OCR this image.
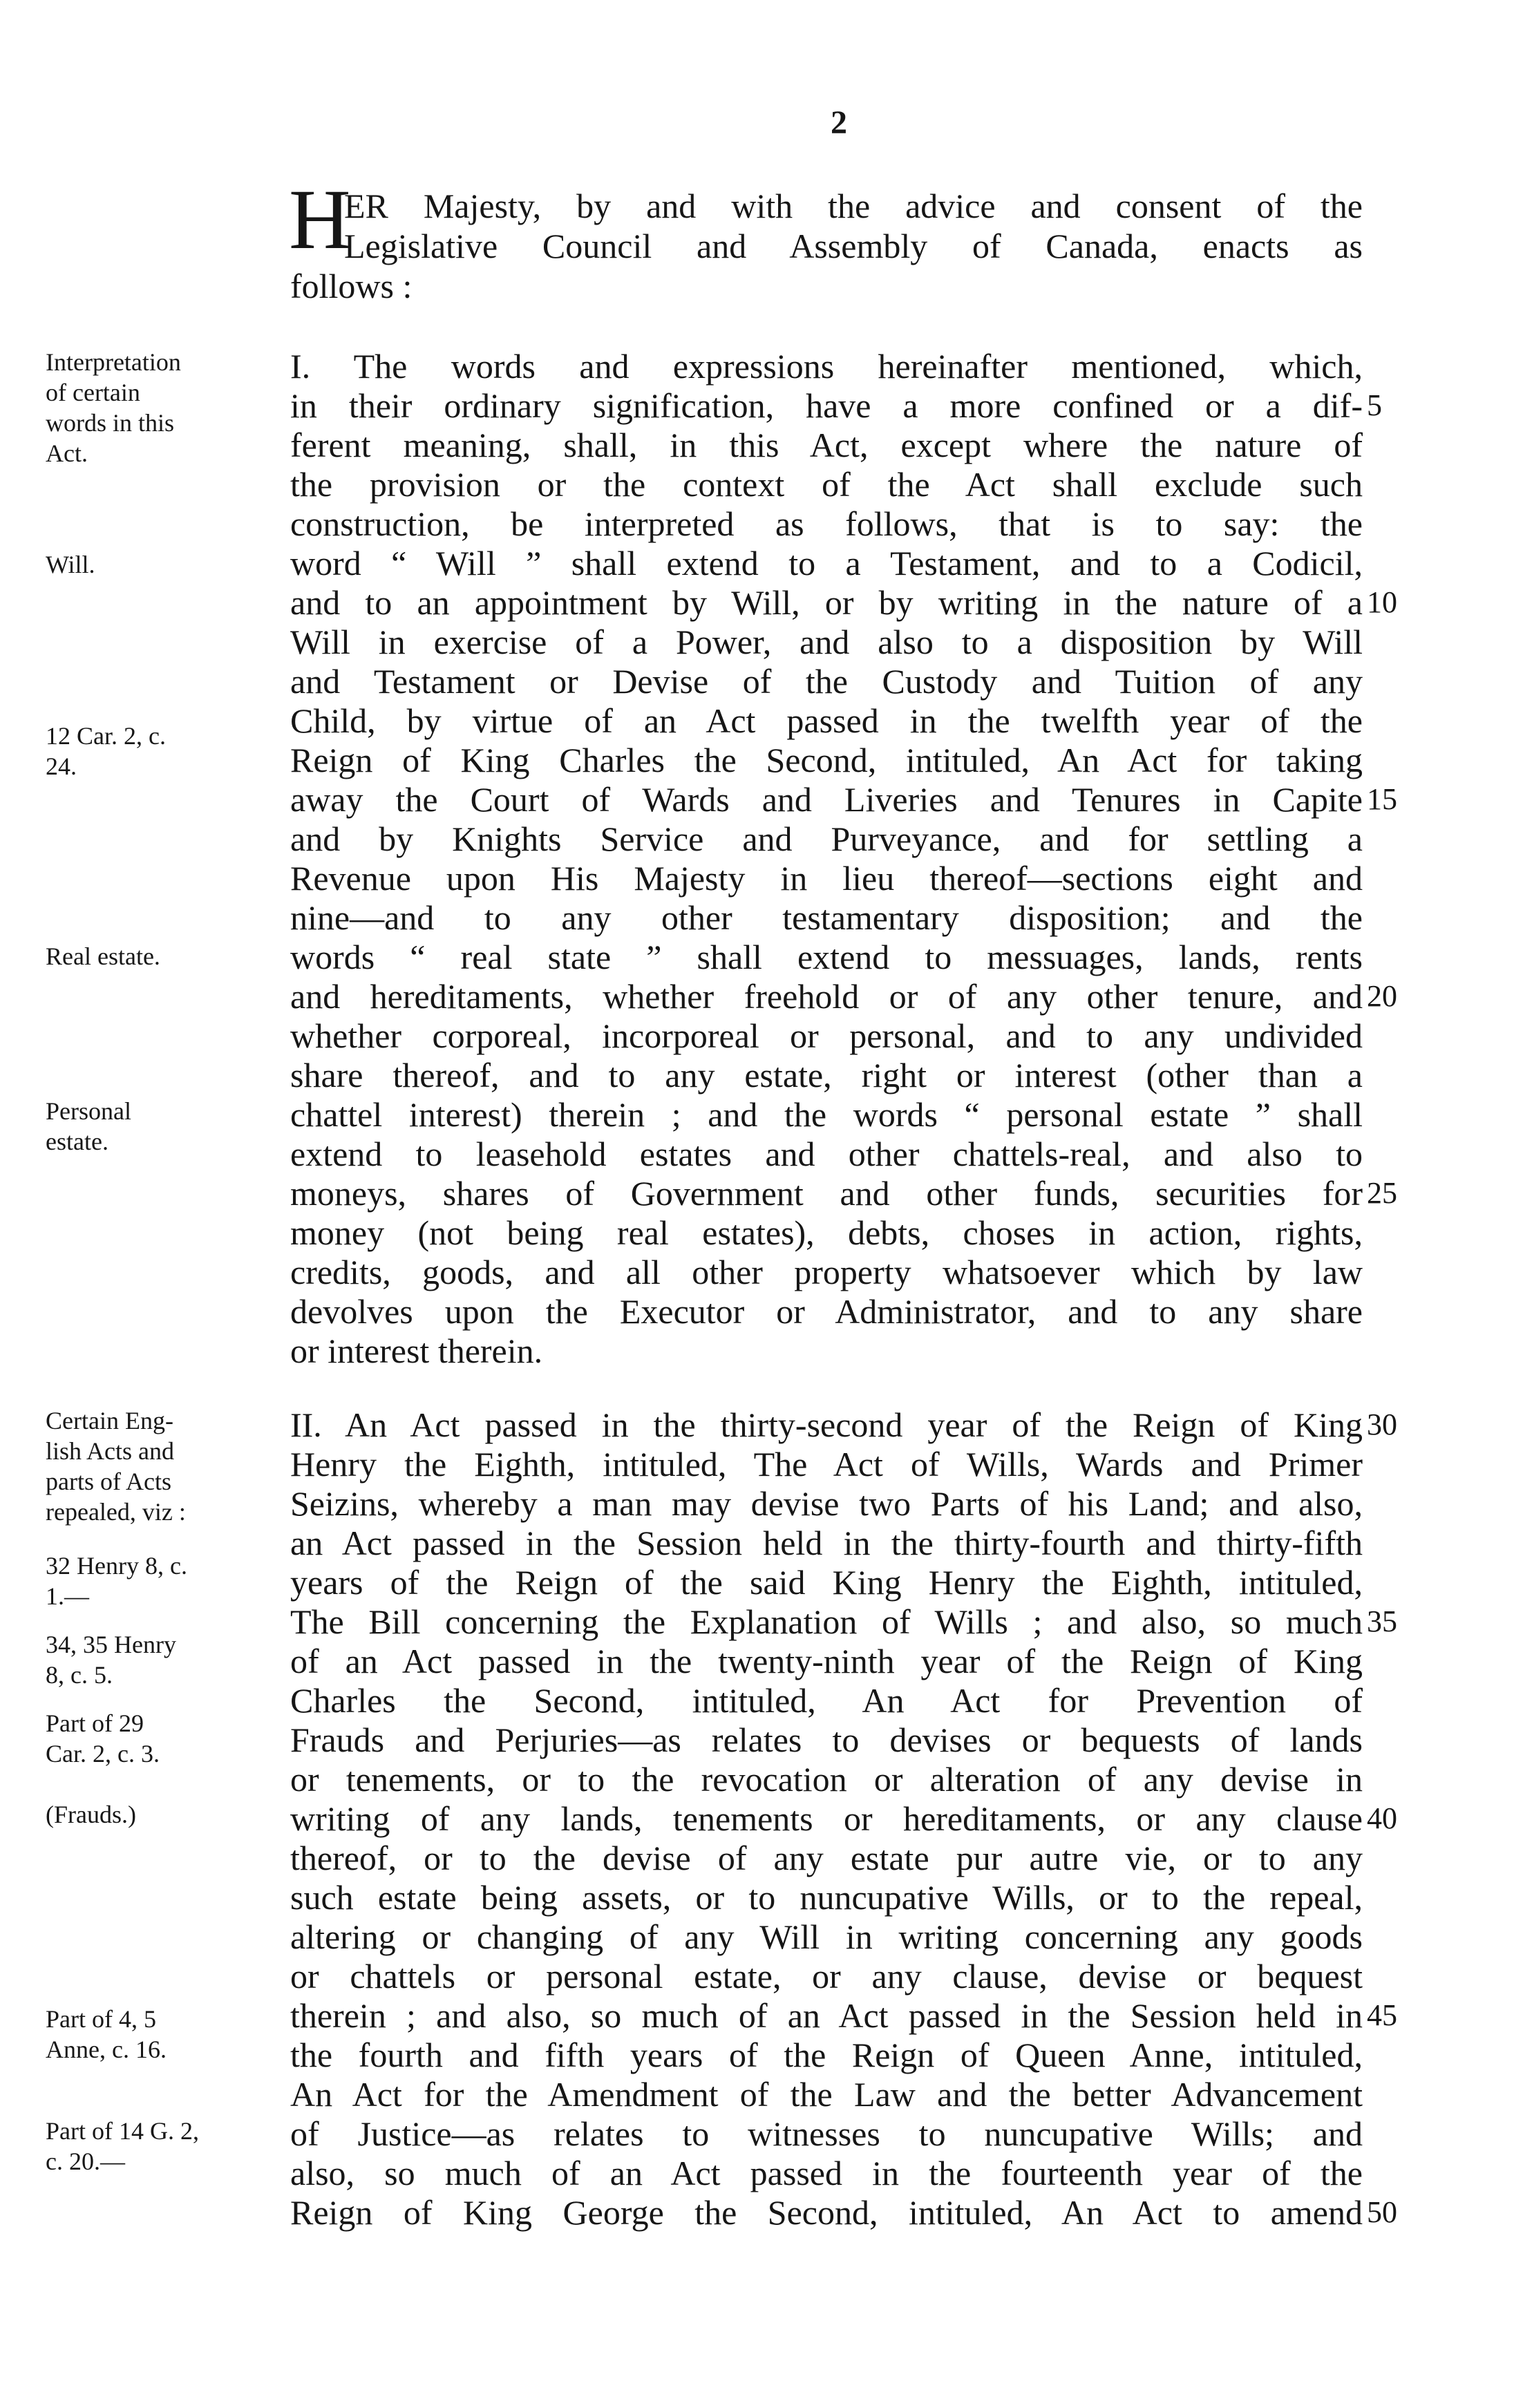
2
H
ER Majesty, by and with the advice and consent of the
Legislative Council and Assembly of Canada, enacts as
follows :
I. The words and expressions hereinafter mentioned, which,
in their ordinary signification, have a more confined or a dif-
ferent meaning, shall, in this Act, except where the nature of
the provision or the context of the Act shall exclude such
construction, be interpreted as follows, that is to say: the
word “ Will ” shall extend to a Testament, and to a Codicil,
and to an appointment by Will, or by writing in the nature of a
Will in exercise of a Power, and also to a disposition by Will
and Testament or Devise of the Custody and Tuition of any
Child, by virtue of an Act passed in the twelfth year of the
Reign of King Charles the Second, intituled, An Act for taking
away the Court of Wards and Liveries and Tenures in Capite
and by Knights Service and Purveyance, and for settling a
Revenue upon His Majesty in lieu thereof—sections eight and
nine—and to any other testamentary disposition; and the
words “ real state ” shall extend to messuages, lands, rents
and hereditaments, whether freehold or of any other tenure, and
whether corporeal, incorporeal or personal, and to any undivided
share thereof, and to any estate, right or interest (other than a
chattel interest) therein ; and the words “ personal estate ” shall
extend to leasehold estates and other chattels-real, and also to
moneys, shares of Government and other funds, securities for
money (not being real estates), debts, choses in action, rights,
credits, goods, and all other property whatsoever which by law
devolves upon the Executor or Administrator, and to any share
or interest therein.
II. An Act passed in the thirty-second year of the Reign of King
Henry the Eighth, intituled, The Act of Wills, Wards and Primer
Seizins, whereby a man may devise two Parts of his Land; and also,
an Act passed in the Session held in the thirty-fourth and thirty-fifth
years of the Reign of the said King Henry the Eighth, intituled,
The Bill concerning the Explanation of Wills ; and also, so much
of an Act passed in the twenty-ninth year of the Reign of King
Charles the Second, intituled, An Act for Prevention of
Frauds and Perjuries—as relates to devises or bequests of lands
or tenements, or to the revocation or alteration of any devise in
writing of any lands, tenements or hereditaments, or any clause
thereof, or to the devise of any estate pur autre vie, or to any
such estate being assets, or to nuncupative Wills, or to the repeal,
altering or changing of any Will in writing concerning any goods
or chattels or personal estate, or any clause, devise or bequest
therein ; and also, so much of an Act passed in the Session held in
the fourth and fifth years of the Reign of Queen Anne, intituled,
An Act for the Amendment of the Law and the better Advancement
of Justice—as relates to witnesses to nuncupative Wills; and
also, so much of an Act passed in the fourteenth year of the
Reign of King George the Second, intituled, An Act to amend
Interpretation
of certain
words in this
Act.
Will.
12 Car. 2, c.
24.
Real estate.
Personal
estate.
Certain Eng-
lish Acts and
parts of Acts
repealed, viz :
32 Henry 8, c.
1.—
34, 35 Henry
8, c. 5.
Part of 29
Car. 2, c. 3.
(Frauds.)
Part of 4, 5
Anne, c. 16.
Part of 14 G. 2,
c. 20.—
5
10
15
20
25
30
35
40
45
50
